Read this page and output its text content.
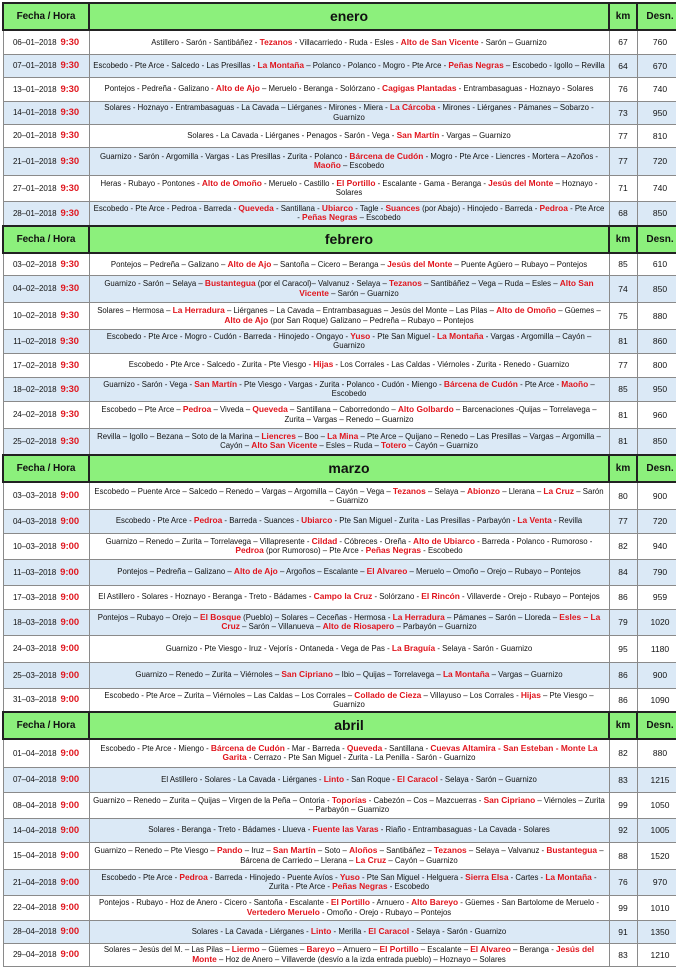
Fecha / Hora	enero	km	Desn.
06–01–2018 9:30	Astillero - Sarón - Santibáñez - Tezanos - Villacarriedo - Ruda - Esles - Alto de San Vicente - Sarón – Guarnizo	67	760
07–01–2018 9:30	Escobedo - Pte Arce - Salcedo - Las Presillas - La Montaña – Polanco - Polanco - Mogro - Pte Arce - Peñas Negras – Escobedo - Igollo – Revilla	64	670
13–01–2018 9:30	Pontejos - Pedreña - Galizano - Alto de Ajo – Meruelo - Beranga - Solórzano - Cagigas Plantadas - Entrambasaguas - Hoznayo - Solares	76	740
14–01–2018 9:30	Solares - Hoznayo - Entrambasaguas - La Cavada – Liérganes - Mirones - Miera - La Cárcoba - Mirones - Liérganes - Pámanes – Sobarzo - Guarnizo	73	950
20–01–2018 9:30	Solares - La Cavada - Liérganes - Penagos - Sarón - Vega - San Martín - Vargas – Guarnizo	77	810
21–01–2018 9:30	Guarnizo - Sarón - Argomilla - Vargas - Las Presillas - Zurita - Polanco - Bárcena de Cudón - Mogro - Pte Arce - Liencres - Mortera – Azoños - Maoño – Escobedo	77	720
27–01–2018 9:30	Heras - Rubayo - Pontones - Alto de Omoño - Meruelo - Castillo - El Portillo - Escalante - Gama - Beranga - Jesús del Monte – Hoznayo - Solares	71	740
28–01–2018 9:30	Escobedo - Pte Arce - Pedroa - Barreda - Queveda - Santillana - Ubiarco - Tagle - Suances (por Abajo) - Hinojedo - Barreda - Pedroa - Pte Arce - Peñas Negras – Escobedo	68	850
Fecha / Hora	febrero	km	Desn.
03–02–2018 9:30	Pontejos – Pedreña – Galizano – Alto de Ajo – Santoña – Cicero – Beranga – Jesús del Monte – Puente Agüero – Rubayo – Pontejos	85	610
04–02–2018 9:30	Guarnizo - Sarón – Selaya – Bustantegua (por el Caracol)– Valvanuz - Selaya – Tezanos – Santibáñez – Vega – Ruda – Esles – Alto San Vicente – Sarón – Guarnizo	74	850
10–02–2018 9:30	Solares – Hermosa – La Herradura – Liérganes – La Cavada – Entrambasaguas – Jesús del Monte – Las Pilas – Alto de Omoño – Güemes – Alto de Ajo (por San Roque) Galizano – Pedreña – Rubayo – Pontejos	75	880
11–02–2018 9:30	Escobedo - Pte Arce - Mogro - Cudón - Barreda - Hinojedo - Ongayo - Yuso - Pte San Miguel - La Montaña - Vargas - Argomilla – Cayón – Guarnizo	81	860
17–02–2018 9:30	Escobedo - Pte Arce - Salcedo - Zurita - Pte Viesgo - Hijas - Los Corrales - Las Caldas - Viérnoles - Zurita - Renedo - Guarnizo	77	800
18–02–2018 9:30	Guarnizo - Sarón - Vega - San Martín - Pte Viesgo - Vargas - Zurita - Polanco - Cudón - Miengo - Bárcena de Cudón - Pte Arce - Maoño – Escobedo	85	950
24–02–2018 9:30	Escobedo – Pte Arce – Pedroa – Viveda – Queveda – Santillana – Caborredondo – Alto Golbardo – Barcenaciones -Quijas – Torrelavega – Zurita – Vargas – Renedo – Guarnizo	81	960
25–02–2018 9:30	Revilla – Igollo – Bezana – Soto de la Marina – Liencres – Boo – La Mina – Pte Arce – Quijano – Renedo – Las Presillas – Vargas – Argomilla – Cayón – Alto San Vicente – Esles – Ruda – Totero – Cayón – Guarnizo	81	850
Fecha / Hora	marzo	km	Desn.
03–03–2018 9:00	Escobedo – Puente Arce – Salcedo – Renedo – Vargas – Argomilla – Cayón – Vega – Tezanos – Selaya – Abionzo – Llerana – La Cruz – Sarón – Guarnizo	80	900
04–03–2018 9:00	Escobedo - Pte Arce - Pedroa - Barreda - Suances - Ubiarco - Pte San Miguel - Zurita - Las Presillas - Parbayón - La Venta - Revilla	77	720
10–03–2018 9:00	Guarnizo – Renedo – Zurita – Torrelavega – Villapresente - Cildad - Cóbreces - Oreña - Alto de Ubiarco - Barreda - Polanco - Rumoroso - Pedroa (por Rumoroso) – Pte Arce - Peñas Negras - Escobedo	82	940
11–03–2018 9:00	Pontejos – Pedreña – Galizano – Alto de Ajo – Argoños – Escalante – El Alvareo – Meruelo – Omoño – Orejo – Rubayo – Pontejos	84	790
17–03–2018 9:00	El Astillero - Solares - Hoznayo - Beranga - Treto - Bádames - Campo la Cruz - Solórzano - El Rincón - Villaverde - Orejo - Rubayo – Pontejos	86	959
18–03–2018 9:00	Pontejos – Rubayo – Orejo – El Bosque (Pueblo) – Solares – Ceceñas - Hermosa - La Herradura – Pámanes – Sarón – Lloreda – Esles – La Cruz – Sarón – Villanueva – Alto de Riosapero – Parbayón – Guarnizo	79	1020
24–03–2018 9:00	Guarnizo - Pte Viesgo - Iruz - Vejorís - Ontaneda - Vega de Pas - La Braguía - Selaya - Sarón - Guarnizo	95	1180
25–03–2018 9:00	Guarnizo – Renedo – Zurita – Viérnoles – San Cipriano – Ibio – Quijas – Torrelavega – La Montaña – Vargas – Guarnizo	86	900
31–03–2018 9:00	Escobedo - Pte Arce – Zurita – Viérnoles – Las Caldas – Los Corrales – Collado de Cieza – Villayuso – Los Corrales - Hijas – Pte Viesgo – Guarnizo	86	1090
Fecha / Hora	abril	km	Desn.
01–04–2018 9:00	Escobedo - Pte Arce - Miengo - Bárcena de Cudón - Mar - Barreda - Queveda - Santillana - Cuevas Altamira - San Esteban - Monte La Garita - Cerrazo - Pte San Miguel - Zurita - La Penilla - Sarón - Guarnizo	82	880
07–04–2018 9:00	El Astillero - Solares - La Cavada - Liérganes - Linto - San Roque - El Caracol - Selaya - Sarón – Guarnizo	83	1215
08–04–2018 9:00	Guarnizo – Renedo – Zurita – Quijas – Virgen de la Peña – Ontoria - Toporías - Cabezón – Cos – Mazcuerras - San Cipriano – Viérnoles – Zurita – Parbayón – Guarnizo	99	1050
14–04–2018 9:00	Solares - Beranga - Treto - Bádames - Llueva - Fuente las Varas - Riaño - Entrambasaguas - La Cavada - Solares	92	1005
15–04–2018 9:00	Guarnizo – Renedo – Pte Viesgo – Pando – Iruz – San Martín – Soto – Aloños – Santibáñez – Tezanos – Selaya – Valvanuz - Bustantegua – Bárcena de Carriedo – Llerana – La Cruz – Cayón – Guarnizo	88	1520
21–04–2018 9:00	Escobedo - Pte Arce - Pedroa - Barreda - Hinojedo - Puente Avíos - Yuso - Pte San Miguel - Helguera - Sierra Elsa - Cartes - La Montaña - Zurita - Pte Arce - Peñas Negras - Escobedo	76	970
22–04–2018 9:00	Pontejos - Rubayo - Hoz de Anero - Cicero - Santoña - Escalante - El Portillo - Arnuero - Alto Bareyo - Güemes - San Bartolome de Meruelo - Vertedero Meruelo - Omoño - Orejo - Rubayo – Pontejos	99	1010
28–04–2018 9:00	Solares - La Cavada - Liérganes - Linto - Merilla - El Caracol - Selaya - Sarón - Guarnizo	91	1350
29–04–2018 9:00	Solares – Jesús del M. – Las Pilas – Liermo – Güemes – Bareyo – Arnuero – El Portillo – Escalante – El Alvareo – Beranga - Jesús del Monte – Hoz de Anero – Villaverde (desvío a la izda entrada pueblo) – Hoznayo – Solares	83	1210
